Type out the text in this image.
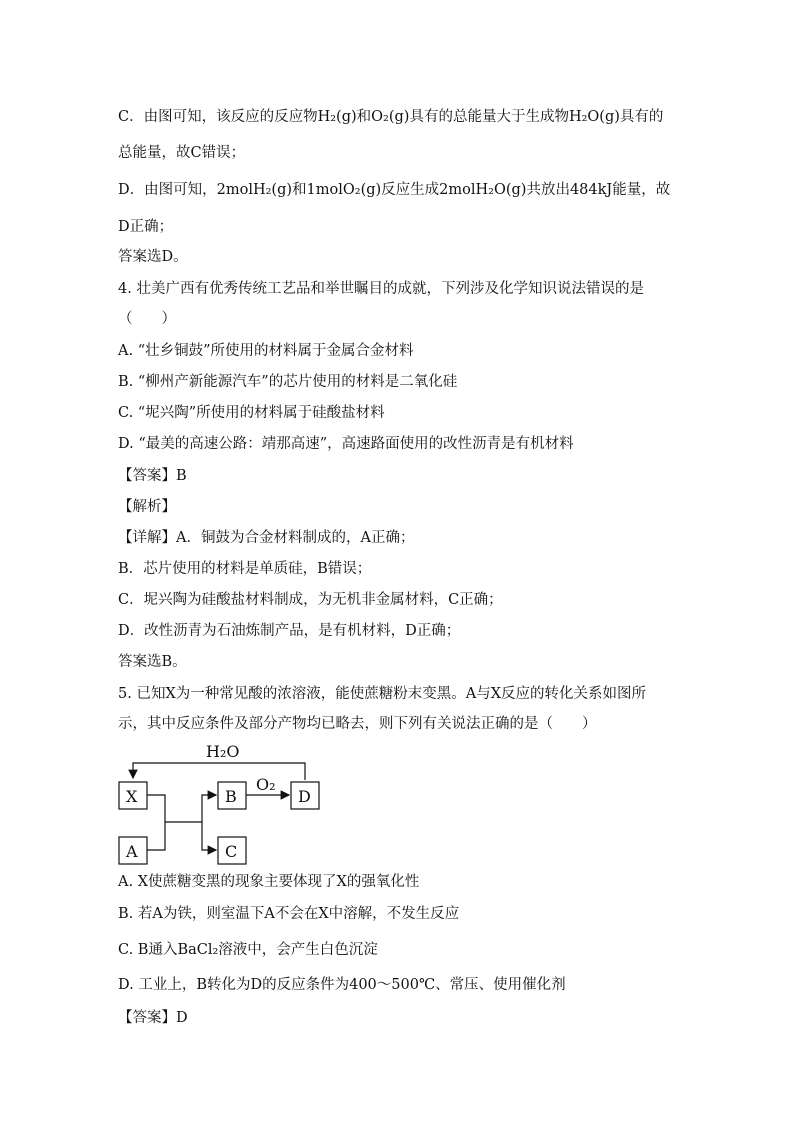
C．由图可知，该反应的反应物H₂(g)和O₂(g)具有的总能量大于生成物H₂O(g)具有的
总能量，故C错误；
D．由图可知，2molH₂(g)和1molO₂(g)反应生成2molH₂O(g)共放出484kJ能量，故
D正确；
答案选D。
4. 壮美广西有优秀传统工艺品和举世瞩目的成就，下列涉及化学知识说法错误的是
（　　）
A. “壮乡铜鼓”所使用的材料属于金属合金材料
B. “柳州产新能源汽车”的芯片使用的材料是二氧化硅
C. “坭兴陶”所使用的材料属于硅酸盐材料
D. “最美的高速公路：靖那高速”，高速路面使用的改性沥青是有机材料
【答案】B
【解析】
【详解】A．铜鼓为合金材料制成的，A正确；
B．芯片使用的材料是单质硅，B错误；
C．坭兴陶为硅酸盐材料制成，为无机非金属材料，C正确；
D．改性沥青为石油炼制产品，是有机材料，D正确；
答案选B。
5. 已知X为一种常见酸的浓溶液，能使蔗糖粉末变黑。A与X反应的转化关系如图所
示，其中反应条件及部分产物均已略去，则下列有关说法正确的是（　　）
H₂O
X
A
B	D
C
O₂
A. X使蔗糖变黑的现象主要体现了X的强氧化性
B. 若A为铁，则室温下A不会在X中溶解，不发生反应
C. B通入BaCl₂溶液中，会产生白色沉淀
D. 工业上，B转化为D的反应条件为400～500℃、常压、使用催化剂
【答案】D
